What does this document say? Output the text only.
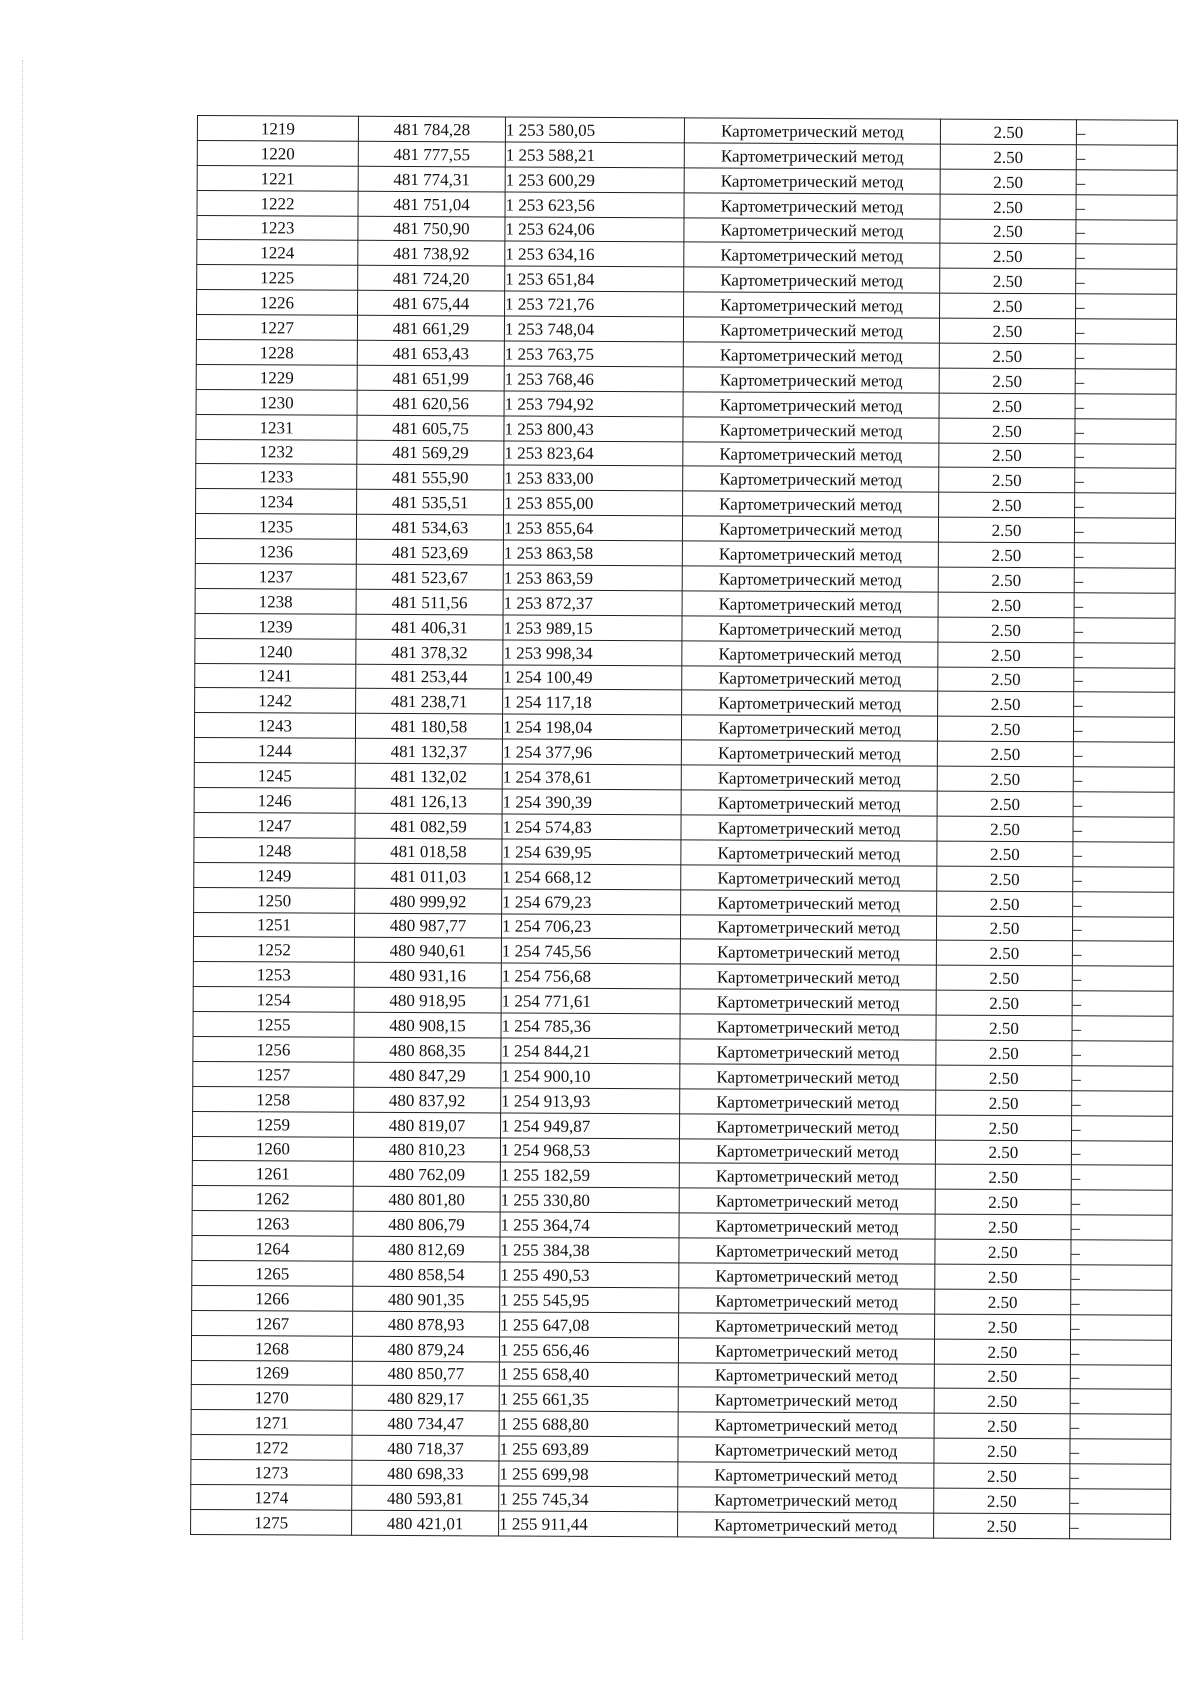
1219	481 784,28	1 253 580,05	Картометрический метод	2.50	–
1220	481 777,55	1 253 588,21	Картометрический метод	2.50	–
1221	481 774,31	1 253 600,29	Картометрический метод	2.50	–
1222	481 751,04	1 253 623,56	Картометрический метод	2.50	–
1223	481 750,90	1 253 624,06	Картометрический метод	2.50	–
1224	481 738,92	1 253 634,16	Картометрический метод	2.50	–
1225	481 724,20	1 253 651,84	Картометрический метод	2.50	–
1226	481 675,44	1 253 721,76	Картометрический метод	2.50	–
1227	481 661,29	1 253 748,04	Картометрический метод	2.50	–
1228	481 653,43	1 253 763,75	Картометрический метод	2.50	–
1229	481 651,99	1 253 768,46	Картометрический метод	2.50	–
1230	481 620,56	1 253 794,92	Картометрический метод	2.50	–
1231	481 605,75	1 253 800,43	Картометрический метод	2.50	–
1232	481 569,29	1 253 823,64	Картометрический метод	2.50	–
1233	481 555,90	1 253 833,00	Картометрический метод	2.50	–
1234	481 535,51	1 253 855,00	Картометрический метод	2.50	–
1235	481 534,63	1 253 855,64	Картометрический метод	2.50	–
1236	481 523,69	1 253 863,58	Картометрический метод	2.50	–
1237	481 523,67	1 253 863,59	Картометрический метод	2.50	–
1238	481 511,56	1 253 872,37	Картометрический метод	2.50	–
1239	481 406,31	1 253 989,15	Картометрический метод	2.50	–
1240	481 378,32	1 253 998,34	Картометрический метод	2.50	–
1241	481 253,44	1 254 100,49	Картометрический метод	2.50	–
1242	481 238,71	1 254 117,18	Картометрический метод	2.50	–
1243	481 180,58	1 254 198,04	Картометрический метод	2.50	–
1244	481 132,37	1 254 377,96	Картометрический метод	2.50	–
1245	481 132,02	1 254 378,61	Картометрический метод	2.50	–
1246	481 126,13	1 254 390,39	Картометрический метод	2.50	–
1247	481 082,59	1 254 574,83	Картометрический метод	2.50	–
1248	481 018,58	1 254 639,95	Картометрический метод	2.50	–
1249	481 011,03	1 254 668,12	Картометрический метод	2.50	–
1250	480 999,92	1 254 679,23	Картометрический метод	2.50	–
1251	480 987,77	1 254 706,23	Картометрический метод	2.50	–
1252	480 940,61	1 254 745,56	Картометрический метод	2.50	–
1253	480 931,16	1 254 756,68	Картометрический метод	2.50	–
1254	480 918,95	1 254 771,61	Картометрический метод	2.50	–
1255	480 908,15	1 254 785,36	Картометрический метод	2.50	–
1256	480 868,35	1 254 844,21	Картометрический метод	2.50	–
1257	480 847,29	1 254 900,10	Картометрический метод	2.50	–
1258	480 837,92	1 254 913,93	Картометрический метод	2.50	–
1259	480 819,07	1 254 949,87	Картометрический метод	2.50	–
1260	480 810,23	1 254 968,53	Картометрический метод	2.50	–
1261	480 762,09	1 255 182,59	Картометрический метод	2.50	–
1262	480 801,80	1 255 330,80	Картометрический метод	2.50	–
1263	480 806,79	1 255 364,74	Картометрический метод	2.50	–
1264	480 812,69	1 255 384,38	Картометрический метод	2.50	–
1265	480 858,54	1 255 490,53	Картометрический метод	2.50	–
1266	480 901,35	1 255 545,95	Картометрический метод	2.50	–
1267	480 878,93	1 255 647,08	Картометрический метод	2.50	–
1268	480 879,24	1 255 656,46	Картометрический метод	2.50	–
1269	480 850,77	1 255 658,40	Картометрический метод	2.50	–
1270	480 829,17	1 255 661,35	Картометрический метод	2.50	–
1271	480 734,47	1 255 688,80	Картометрический метод	2.50	–
1272	480 718,37	1 255 693,89	Картометрический метод	2.50	–
1273	480 698,33	1 255 699,98	Картометрический метод	2.50	–
1274	480 593,81	1 255 745,34	Картометрический метод	2.50	–
1275	480 421,01	1 255 911,44	Картометрический метод	2.50	–
